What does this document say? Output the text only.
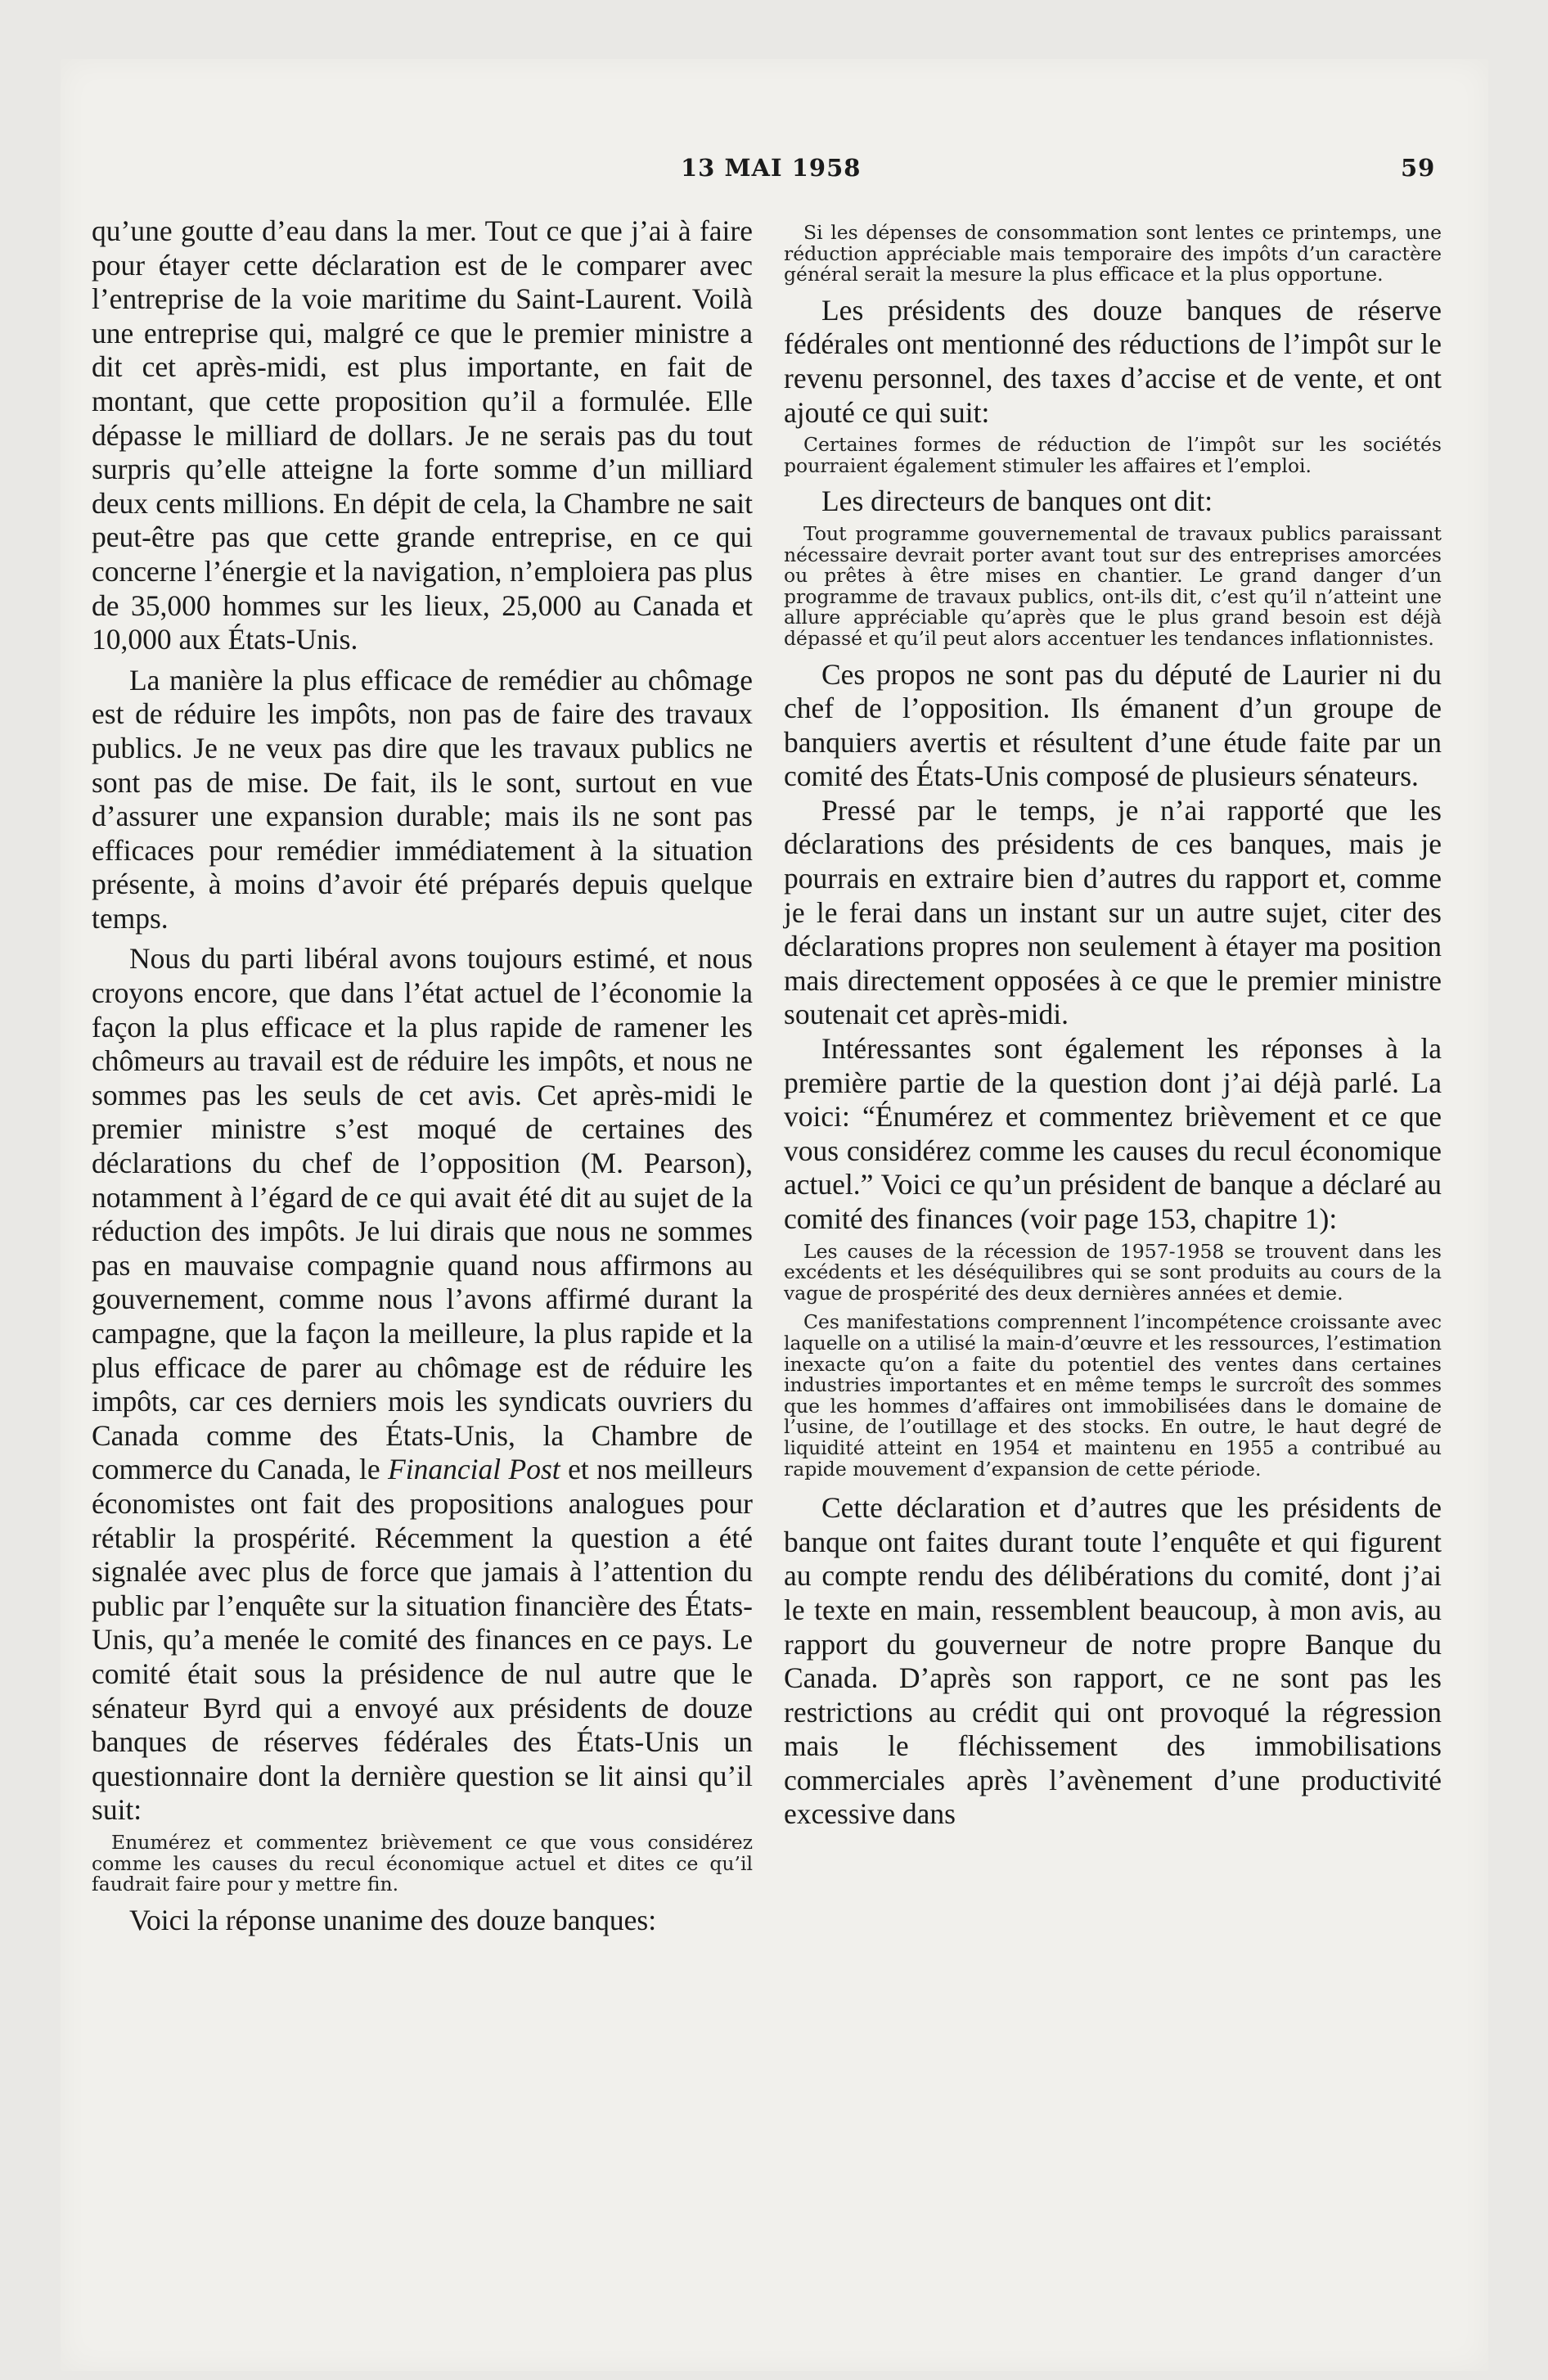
13 MAI 1958	59

qu’une goutte d’eau dans la mer. Tout ce que j’ai à faire pour étayer cette déclaration est de le comparer avec l’entreprise de la voie maritime du Saint-Laurent. Voilà une entreprise qui, malgré ce que le premier ministre a dit cet après-midi, est plus importante, en fait de montant, que cette proposition qu’il a formulée. Elle dépasse le milliard de dollars. Je ne serais pas du tout surpris qu’elle atteigne la forte somme d’un milliard deux cents millions. En dépit de cela, la Chambre ne sait peut-être pas que cette grande entreprise, en ce qui concerne l’énergie et la navigation, n’emploiera pas plus de 35,000 hommes sur les lieux, 25,000 au Canada et 10,000 aux États-Unis.

La manière la plus efficace de remédier au chômage est de réduire les impôts, non pas de faire des travaux publics. Je ne veux pas dire que les travaux publics ne sont pas de mise. De fait, ils le sont, surtout en vue d’assurer une expansion durable; mais ils ne sont pas efficaces pour remédier immédiatement à la situation présente, à moins d’avoir été préparés depuis quelque temps.

Nous du parti libéral avons toujours estimé, et nous croyons encore, que dans l’état actuel de l’économie la façon la plus efficace et la plus rapide de ramener les chômeurs au travail est de réduire les impôts, et nous ne sommes pas les seuls de cet avis. Cet après-midi le premier ministre s’est moqué de certaines des déclarations du chef de l’opposition (M. Pearson), notamment à l’égard de ce qui avait été dit au sujet de la réduction des impôts. Je lui dirais que nous ne sommes pas en mauvaise compagnie quand nous affirmons au gouvernement, comme nous l’avons affirmé durant la campagne, que la façon la meilleure, la plus rapide et la plus efficace de parer au chômage est de réduire les impôts, car ces derniers mois les syndicats ouvriers du Canada comme des États-Unis, la Chambre de commerce du Canada, le Financial Post et nos meilleurs économistes ont fait des propositions analogues pour rétablir la prospérité. Récemment la question a été signalée avec plus de force que jamais à l’attention du public par l’enquête sur la situation financière des États-Unis, qu’a menée le comité des finances en ce pays. Le comité était sous la présidence de nul autre que le sénateur Byrd qui a envoyé aux présidents de douze banques de réserves fédérales des États-Unis un questionnaire dont la dernière question se lit ainsi qu’il suit:

Enumérez et commentez brièvement ce que vous considérez comme les causes du recul économique actuel et dites ce qu’il faudrait faire pour y mettre fin.

Voici la réponse unanime des douze banques:

Si les dépenses de consommation sont lentes ce printemps, une réduction appréciable mais temporaire des impôts d’un caractère général serait la mesure la plus efficace et la plus opportune.

Les présidents des douze banques de réserve fédérales ont mentionné des réductions de l’impôt sur le revenu personnel, des taxes d’accise et de vente, et ont ajouté ce qui suit:

Certaines formes de réduction de l’impôt sur les sociétés pourraient également stimuler les affaires et l’emploi.

Les directeurs de banques ont dit:

Tout programme gouvernemental de travaux publics paraissant nécessaire devrait porter avant tout sur des entreprises amorcées ou prêtes à être mises en chantier. Le grand danger d’un programme de travaux publics, ont-ils dit, c’est qu’il n’atteint une allure appréciable qu’après que le plus grand besoin est déjà dépassé et qu’il peut alors accentuer les tendances inflationnistes.

Ces propos ne sont pas du député de Laurier ni du chef de l’opposition. Ils émanent d’un groupe de banquiers avertis et résultent d’une étude faite par un comité des États-Unis composé de plusieurs sénateurs.

Pressé par le temps, je n’ai rapporté que les déclarations des présidents de ces banques, mais je pourrais en extraire bien d’autres du rapport et, comme je le ferai dans un instant sur un autre sujet, citer des déclarations propres non seulement à étayer ma position mais directement opposées à ce que le premier ministre soutenait cet après-midi.

Intéressantes sont également les réponses à la première partie de la question dont j’ai déjà parlé. La voici: “Énumérez et commentez brièvement et ce que vous considérez comme les causes du recul économique actuel.” Voici ce qu’un président de banque a déclaré au comité des finances (voir page 153, chapitre 1):

Les causes de la récession de 1957-1958 se trouvent dans les excédents et les déséquilibres qui se sont produits au cours de la vague de prospérité des deux dernières années et demie.

Ces manifestations comprennent l’incompétence croissante avec laquelle on a utilisé la main-d’œuvre et les ressources, l’estimation inexacte qu’on a faite du potentiel des ventes dans certaines industries importantes et en même temps le surcroît des sommes que les hommes d’affaires ont immobilisées dans le domaine de l’usine, de l’outillage et des stocks. En outre, le haut degré de liquidité atteint en 1954 et maintenu en 1955 a contribué au rapide mouvement d’expansion de cette période.

Cette déclaration et d’autres que les présidents de banque ont faites durant toute l’enquête et qui figurent au compte rendu des délibérations du comité, dont j’ai le texte en main, ressemblent beaucoup, à mon avis, au rapport du gouverneur de notre propre Banque du Canada. D’après son rapport, ce ne sont pas les restrictions au crédit qui ont provoqué la régression mais le fléchissement des immobilisations commerciales après l’avènement d’une productivité excessive dans
